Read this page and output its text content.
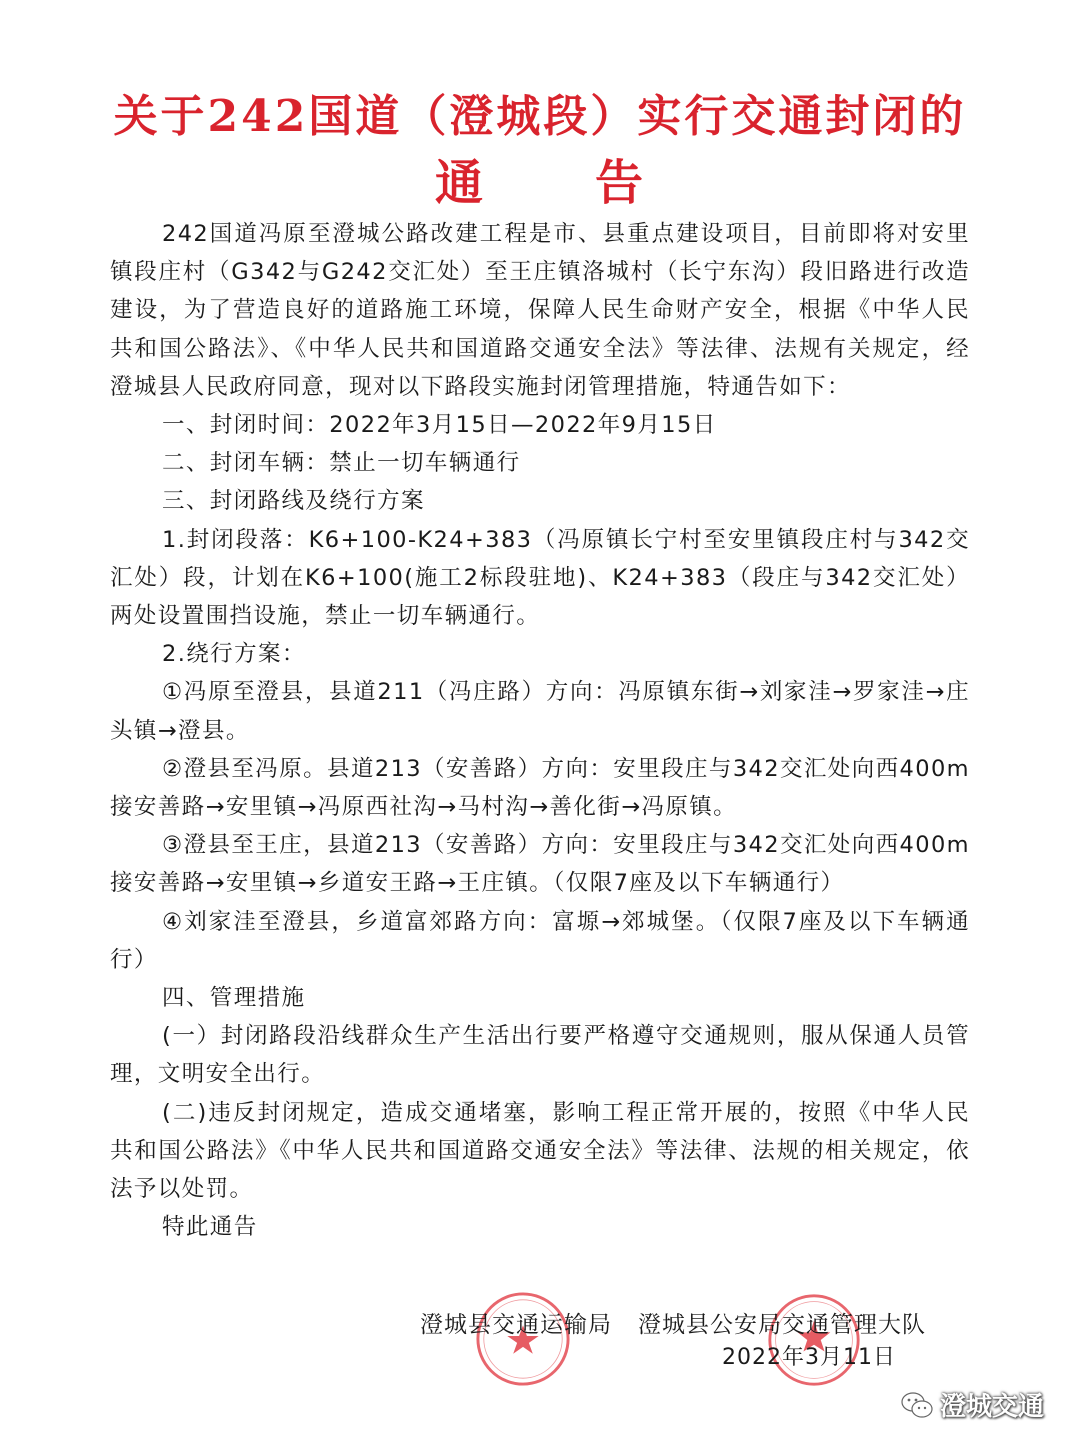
关于242国道（澄城段）实行交通封闭的
通 告

242国道冯原至澄城公路改建工程是市、县重点建设项目，目前即将对安里镇段庄村（G342与G242交汇处）至王庄镇洛城村（长宁东沟）段旧路进行改造建设，为了营造良好的道路施工环境，保障人民生命财产安全，根据《中华人民共和国公路法》、《中华人民共和国道路交通安全法》等法律、法规有关规定，经澄城县人民政府同意，现对以下路段实施封闭管理措施，特通告如下：

一、封闭时间：2022年3月15日—2022年9月15日

二、封闭车辆：禁止一切车辆通行

三、封闭路线及绕行方案

1.封闭段落：K6+100-K24+383（冯原镇长宁村至安里镇段庄村与342交汇处）段，计划在K6+100(施工2标段驻地)、K24+383（段庄与342交汇处）两处设置围挡设施，禁止一切车辆通行。

2.绕行方案：

①冯原至澄县，县道211（冯庄路）方向：冯原镇东街→刘家洼→罗家洼→庄头镇→澄县。

②澄县至冯原。县道213（安善路）方向：安里段庄与342交汇处向西400m接安善路→安里镇→冯原西社沟→马村沟→善化街→冯原镇。

③澄县至王庄，县道213（安善路）方向：安里段庄与342交汇处向西400m接安善路→安里镇→乡道安王路→王庄镇。（仅限7座及以下车辆通行）

④刘家洼至澄县，乡道富郊路方向：富塬→郊城堡。（仅限7座及以下车辆通行）

四、管理措施

(一）封闭路段沿线群众生产生活出行要严格遵守交通规则，服从保通人员管理，文明安全出行。

(二)违反封闭规定，造成交通堵塞，影响工程正常开展的，按照《中华人民共和国公路法》《中华人民共和国道路交通安全法》等法律、法规的相关规定，依法予以处罚。

特此通告

澄城县交通运输局 澄城县公安局交通管理大队
2022年3月11日
澄城交通
